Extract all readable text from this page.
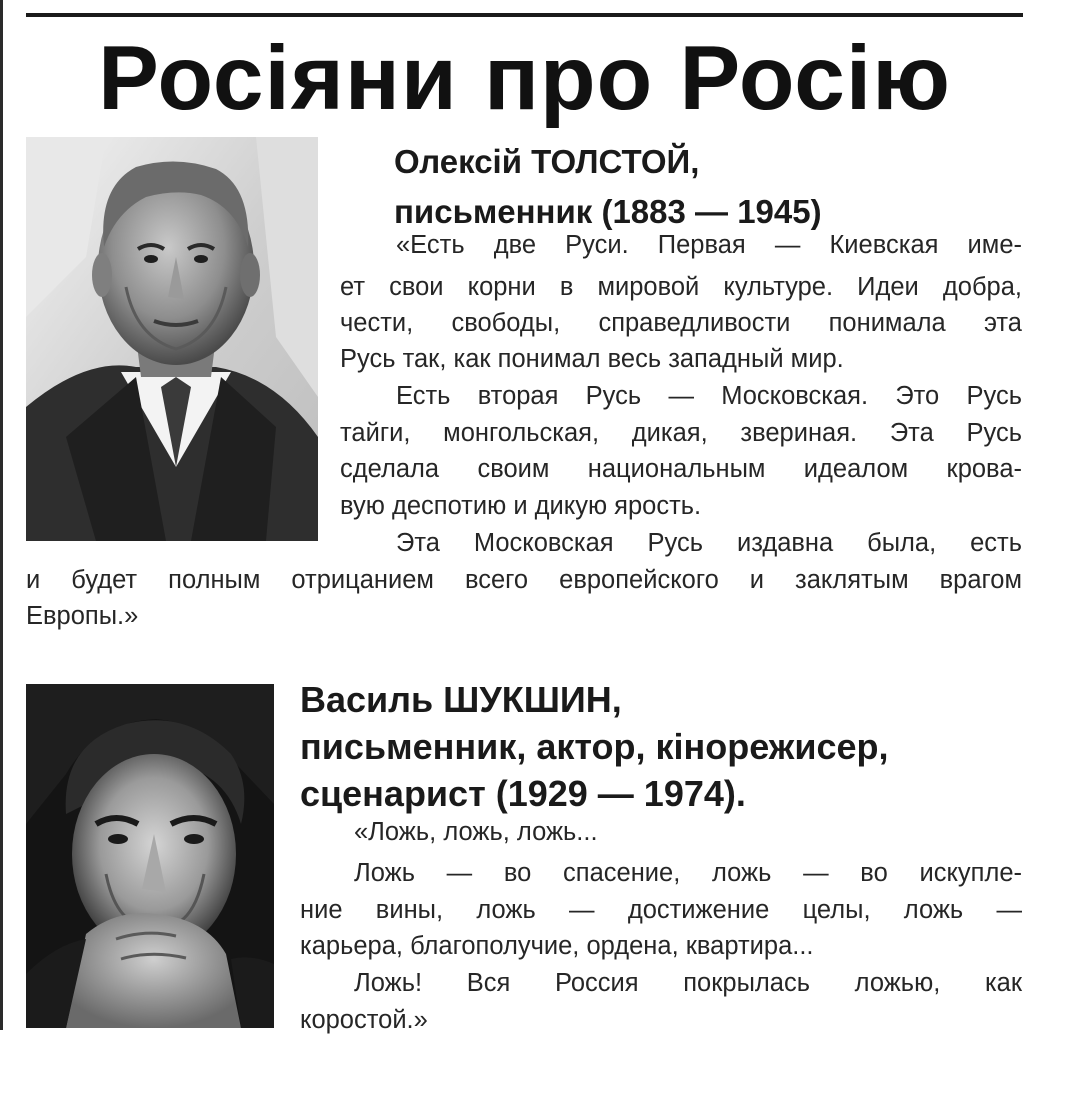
Росіяни про Росію
Олексій ТОЛСТОЙ,
письменник (1883 — 1945)

«Есть две Руси. Первая — Киевская име-

ет свои корни в мировой культуре. Идеи добра,

чести, свободы, справедливости понимала эта

Русь так, как понимал весь западный мир.

Есть вторая Русь — Московская. Это Русь

тайги, монгольская, дикая, звериная. Эта Русь

сделала своим национальным идеалом крова-

вую деспотию и дикую ярость.

Эта Московская Русь издавна была, есть

и будет полным отрицанием всего европейского и заклятым врагом

Европы.»

Василь ШУКШИН,
письменник, актор, кінорежисер,
сценарист (1929 — 1974).

«Ложь, ложь, ложь...

Ложь — во спасение, ложь — во искупле-

ние вины, ложь — достижение целы, ложь —

карьера, благополучие, ордена, квартира...

Ложь! Вся Россия покрылась ложью, как

коростой.»
